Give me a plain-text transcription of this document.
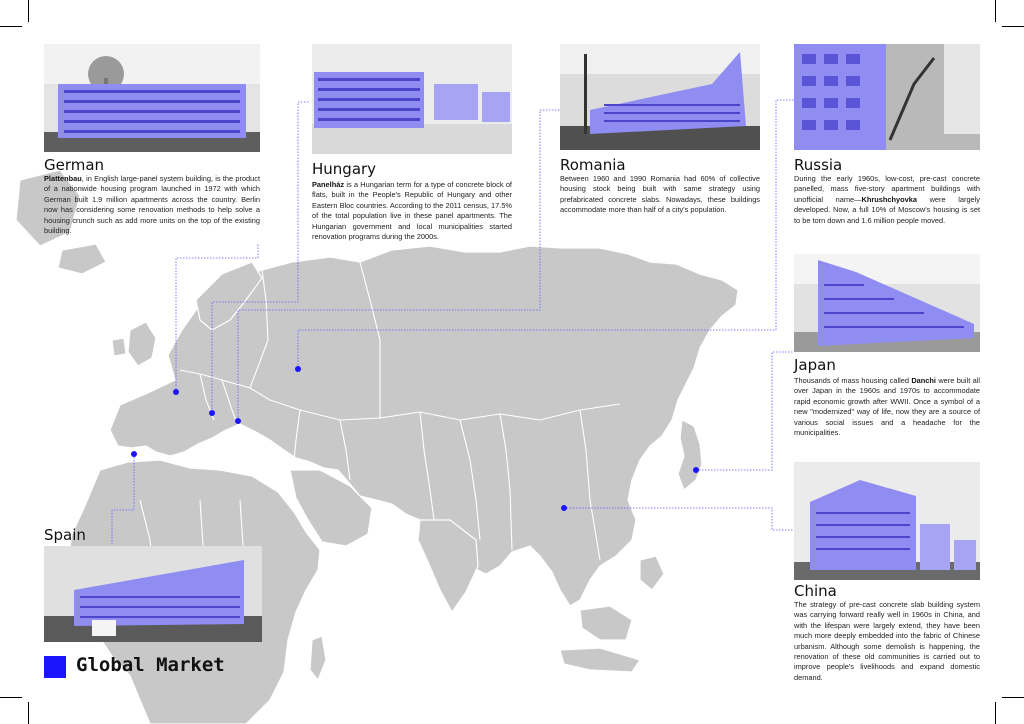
German

Plattenbau, in English large-panel system building, is the product of a nationwide housing program launched in 1972 with which German built 1.9 million apartments across the country. Berlin now has considering some renovation methods to help solve a housing crunch such as add more units on the top of the existing building.

Hungary

Panelház is a Hungarian term for a type of concrete block of flats, built in the People's Republic of Hungary and other Eastern Bloc countries. According to the 2011 census, 17.5% of the total population live in these panel apartments. The Hungarian government and local municipalities started renovation programs during the 2000s.

Romania

Between 1960 and 1990 Romania had 60% of collective housing stock being built with same strategy using prefabricated concrete slabs. Nowadays, these buildings accommodate more than half of a city's population.

Russia

During the early 1960s, low-cost, pre-cast concrete panelled, mass five-story apartment buildings with unofficial name—Khrushchyovka were largely developed. Now, a full 10% of Moscow's housing is set to be torn down and 1.6 million people moved.

Japan

Thousands of mass housing called Danchi were built all over Japan in the 1960s and 1970s to accommodate rapid economic growth after WWII. Once a symbol of a new "modernized" way of life, now they are a source of various social issues and a headache for the municipalities.

China

The strategy of pre-cast concrete slab building system was carrying forward really well in 1960s in China, and with the lifespan were largely extend, they have been much more deeply embedded into the fabric of Chinese urbanism. Although some demolish is happening, the renovation of these old communities is carried out to improve people's livelihoods and expand domestic demand.

Spain
Global Market
